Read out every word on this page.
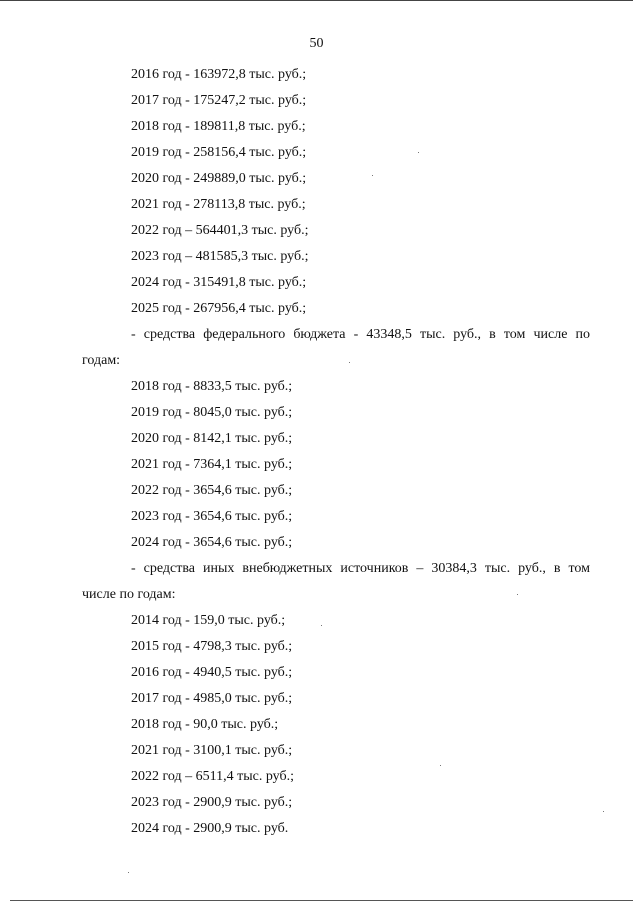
50
2016 год - 163972,8 тыс. руб.;
2017 год - 175247,2 тыс. руб.;
2018 год - 189811,8 тыс. руб.;
2019 год - 258156,4 тыс. руб.;
2020 год - 249889,0 тыс. руб.;
2021 год - 278113,8 тыс. руб.;
2022 год – 564401,3 тыс. руб.;
2023 год – 481585,3 тыс. руб.;
2024 год - 315491,8 тыс. руб.;
2025 год - 267956,4 тыс. руб.;
- средства федерального бюджета - 43348,5 тыс. руб., в том числе по
годам:
2018 год - 8833,5 тыс. руб.;
2019 год - 8045,0 тыс. руб.;
2020 год - 8142,1 тыс. руб.;
2021 год - 7364,1 тыс. руб.;
2022 год - 3654,6 тыс. руб.;
2023 год - 3654,6 тыс. руб.;
2024 год - 3654,6 тыс. руб.;
- средства иных внебюджетных источников – 30384,3 тыс. руб., в том
числе по годам:
2014 год - 159,0 тыс. руб.;
2015 год - 4798,3 тыс. руб.;
2016 год - 4940,5 тыс. руб.;
2017 год - 4985,0 тыс. руб.;
2018 год - 90,0 тыс. руб.;
2021 год - 3100,1 тыс. руб.;
2022 год – 6511,4 тыс. руб.;
2023 год - 2900,9 тыс. руб.;
2024 год - 2900,9 тыс. руб.
